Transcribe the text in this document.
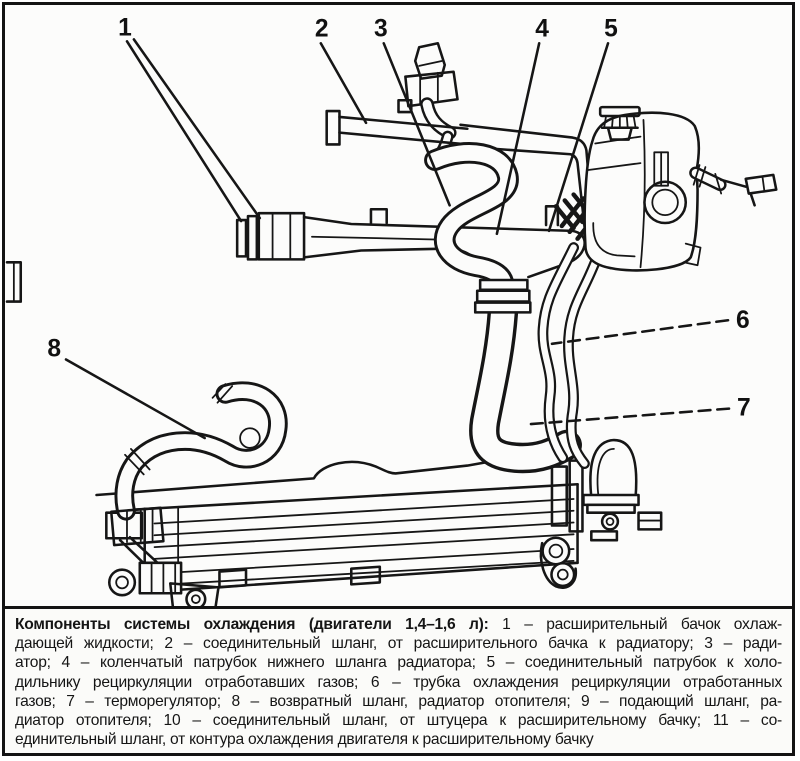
1	2 3	4 5
6
7
8
Компоненты системы охлаждения (двигатели 1,4–1,6 л): 1 – расширительный бачок охлаж-
дающей жидкости; 2 – соединительный шланг, от расширительного бачка к радиатору; 3 – ради-
атор; 4 – коленчатый патрубок нижнего шланга радиатора; 5 – соединительный патрубок к холо-
дильнику рециркуляции отработавших газов; 6 – трубка охлаждения рециркуляции отработанных
газов; 7 – терморегулятор; 8 – возвратный шланг, радиатор отопителя; 9 – подающий шланг, ра-
диатор отопителя; 10 – соединительный шланг, от штуцера к расширительному бачку; 11 – со-
единительный шланг, от контура охлаждения двигателя к расширительному бачку
